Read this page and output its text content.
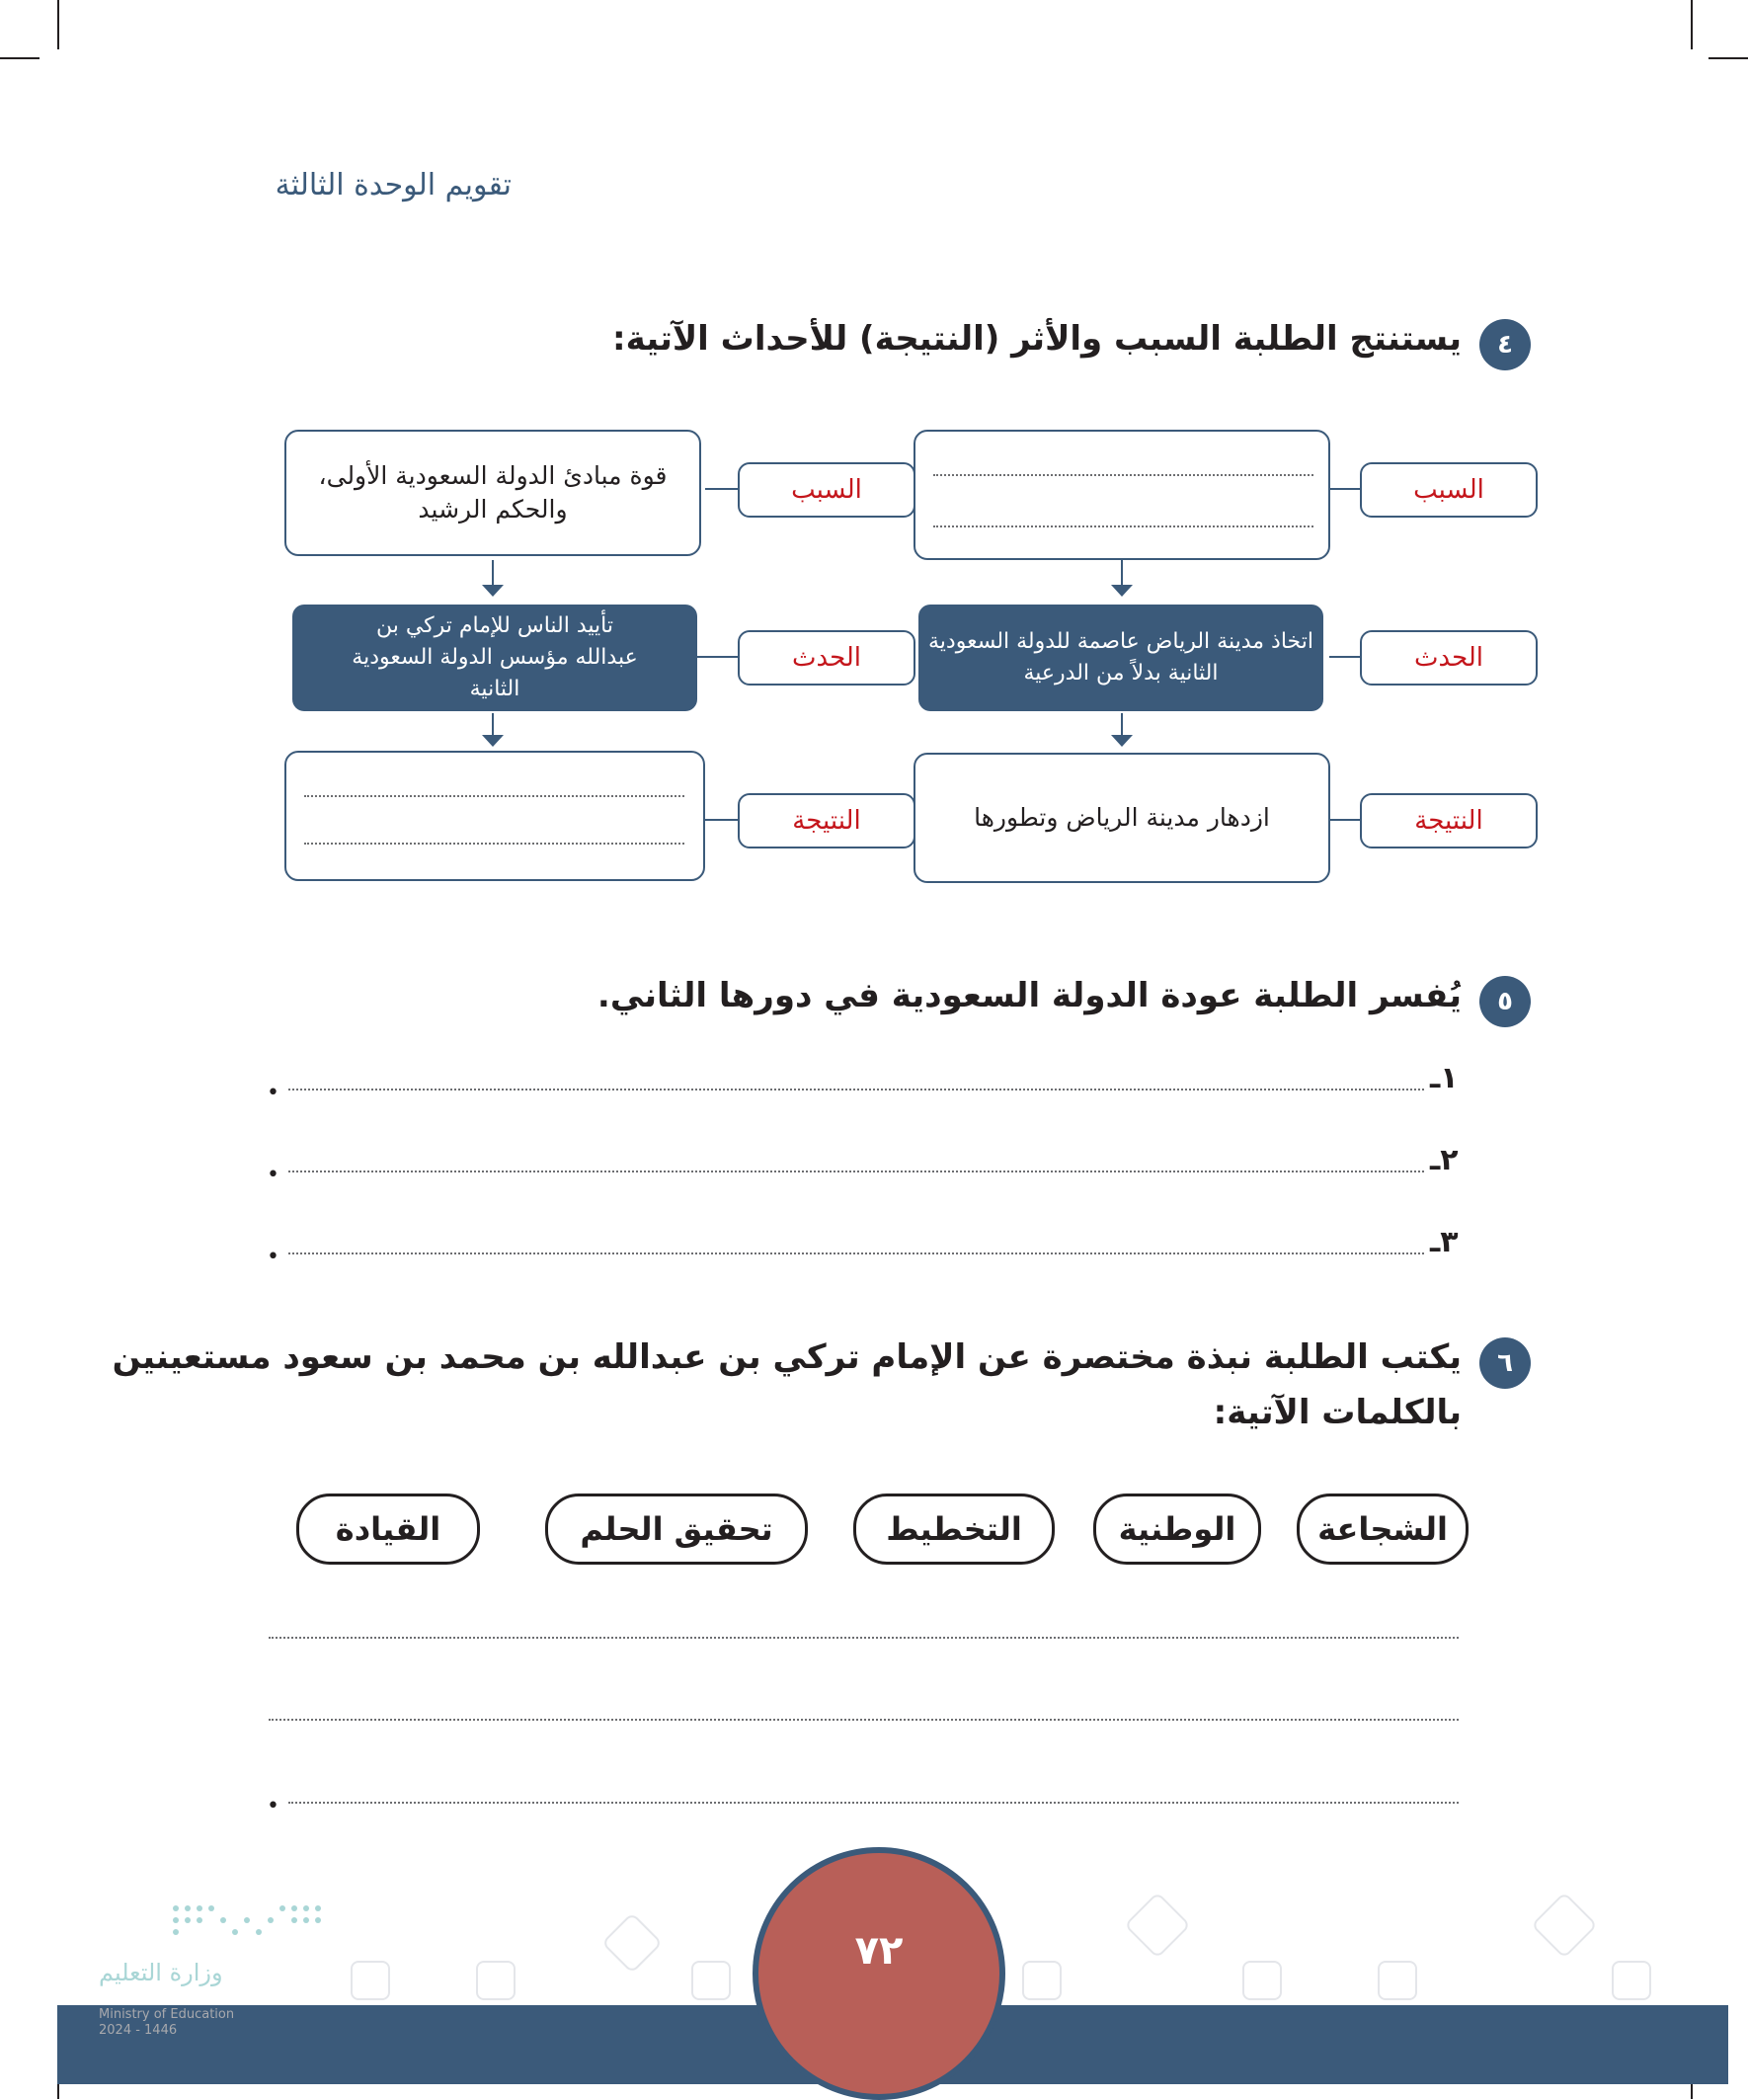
تقويم الوحدة الثالثة
٤
يستنتج الطلبة السبب والأثر (النتيجة) للأحداث الآتية:
السبب
الحدث
اتخاذ مدينة الرياض عاصمة للدولة السعودية الثانية بدلاً من الدرعية
النتيجة
ازدهار مدينة الرياض وتطورها
السبب
قوة مبادئ الدولة السعودية الأولى، والحكم الرشيد
الحدث
تأييد الناس للإمام تركي بن عبدالله مؤسس الدولة السعودية الثانية
النتيجة
٥
يُفسر الطلبة عودة الدولة السعودية في دورها الثاني.
١ـ
•
٢ـ
•
٣ـ
•
٦
يكتب الطلبة نبذة مختصرة عن الإمام تركي بن عبدالله بن محمد بن سعود مستعينين
بالكلمات الآتية:
الشجاعة
الوطنية
التخطيط
تحقيق الحلم
القيادة
•
٧٢
وزارة التعليم
Ministry of Education
2024 - 1446
